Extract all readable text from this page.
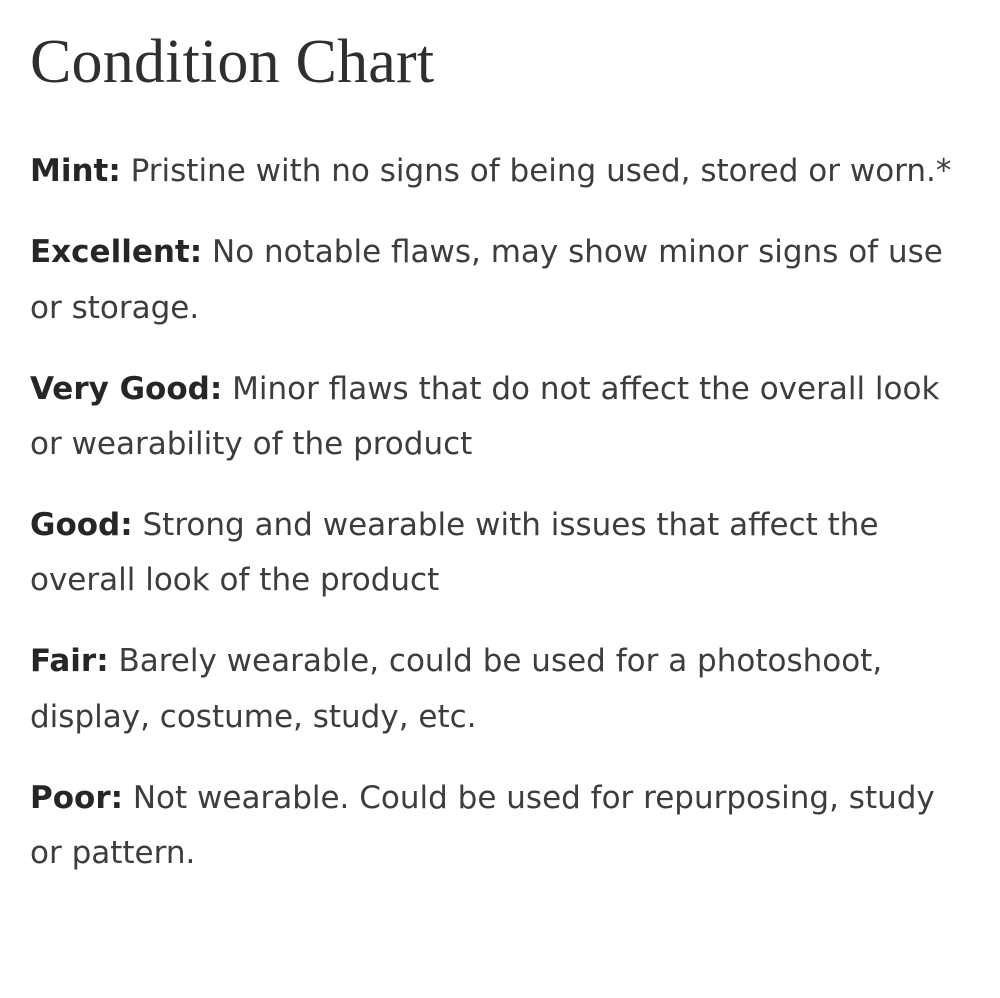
Condition Chart

Mint: Pristine with no signs of being used, stored or worn.*

Excellent: No notable flaws, may show minor signs of use or storage.

Very Good: Minor flaws that do not affect the overall look or wearability of the product

Good: Strong and wearable with issues that affect the overall look of the product

Fair: Barely wearable, could be used for a photoshoot, display, costume, study, etc.

Poor: Not wearable. Could be used for repurposing, study or pattern.
